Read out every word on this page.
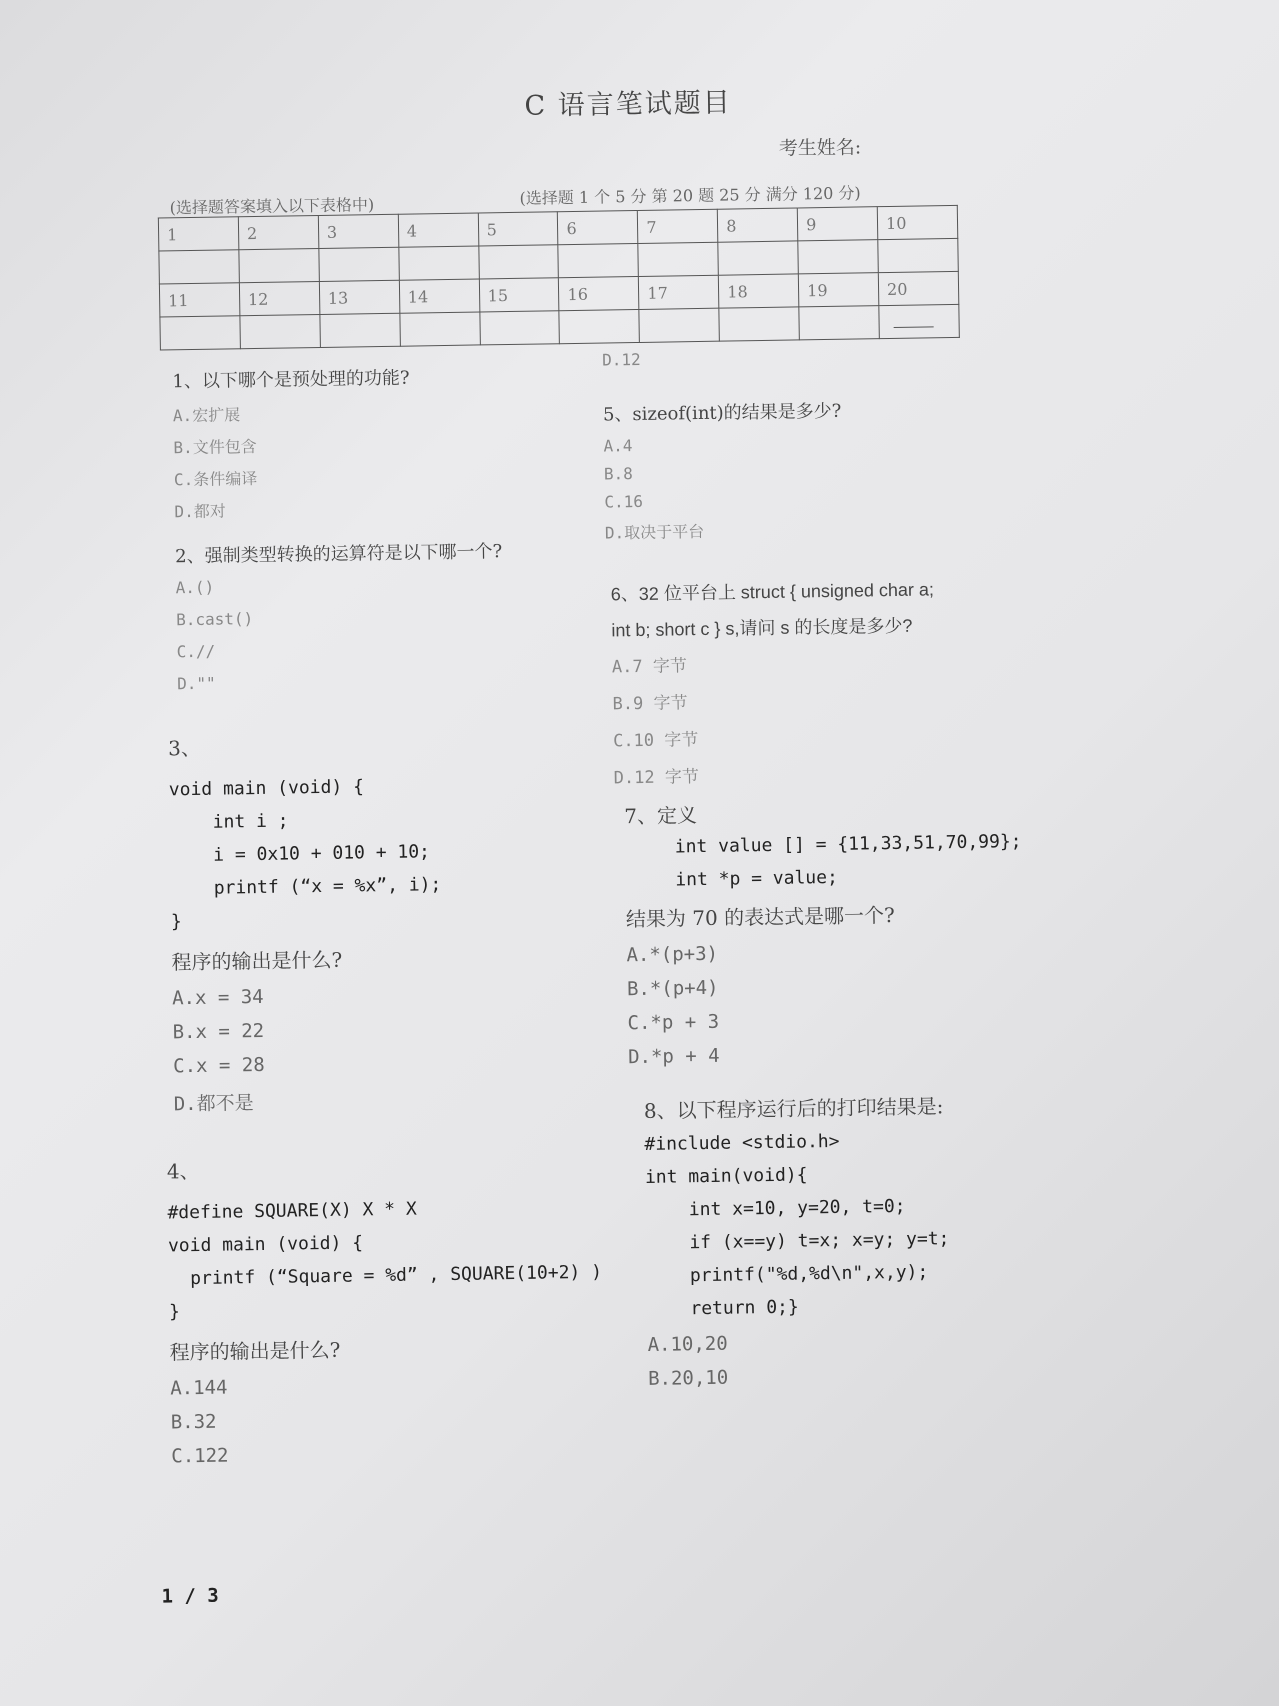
C 语言笔试题目
考生姓名:
(选择题答案填入以下表格中)	(选择题 1 个 5 分 第 20 题 25 分 满分 120 分)
1	2	3	4	5	6	7	8	9	10

11	12	13	14	15	16	17	18	19	20

1、以下哪个是预处理的功能?
A.宏扩展
B.文件包含
C.条件编译
D.都对
2、强制类型转换的运算符是以下哪一个?
A.()
B.cast()
C.//
D.""
3、
void main (void) {
int i ;
i = 0x10 + 010 + 10;
printf (“x = %x”, i);
}
程序的输出是什么?
A.x = 34
B.x = 22
C.x = 28
D.都不是
4、
#define SQUARE(X) X * X
void main (void) {
printf (“Square = %d” , SQUARE(10+2) )
}
程序的输出是什么?
A.144
B.32
C.122
D.12
5、sizeof(int)的结果是多少?
A.4
B.8
C.16
D.取决于平台
6、32 位平台上 struct { unsigned char a;
int b; short c } s,请问 s 的长度是多少?
A.7 字节
B.9 字节
C.10 字节
D.12 字节
7、定义
int value [] = {11,33,51,70,99};
int *p = value;
结果为 70 的表达式是哪一个?
A.*(p+3)
B.*(p+4)
C.*p + 3
D.*p + 4
8、以下程序运行后的打印结果是:
#include <stdio.h>
int main(void){
int x=10, y=20, t=0;
if (x==y) t=x; x=y; y=t;
printf("%d,%d\n",x,y);
return 0;}
A.10,20
B.20,10
1 / 3
